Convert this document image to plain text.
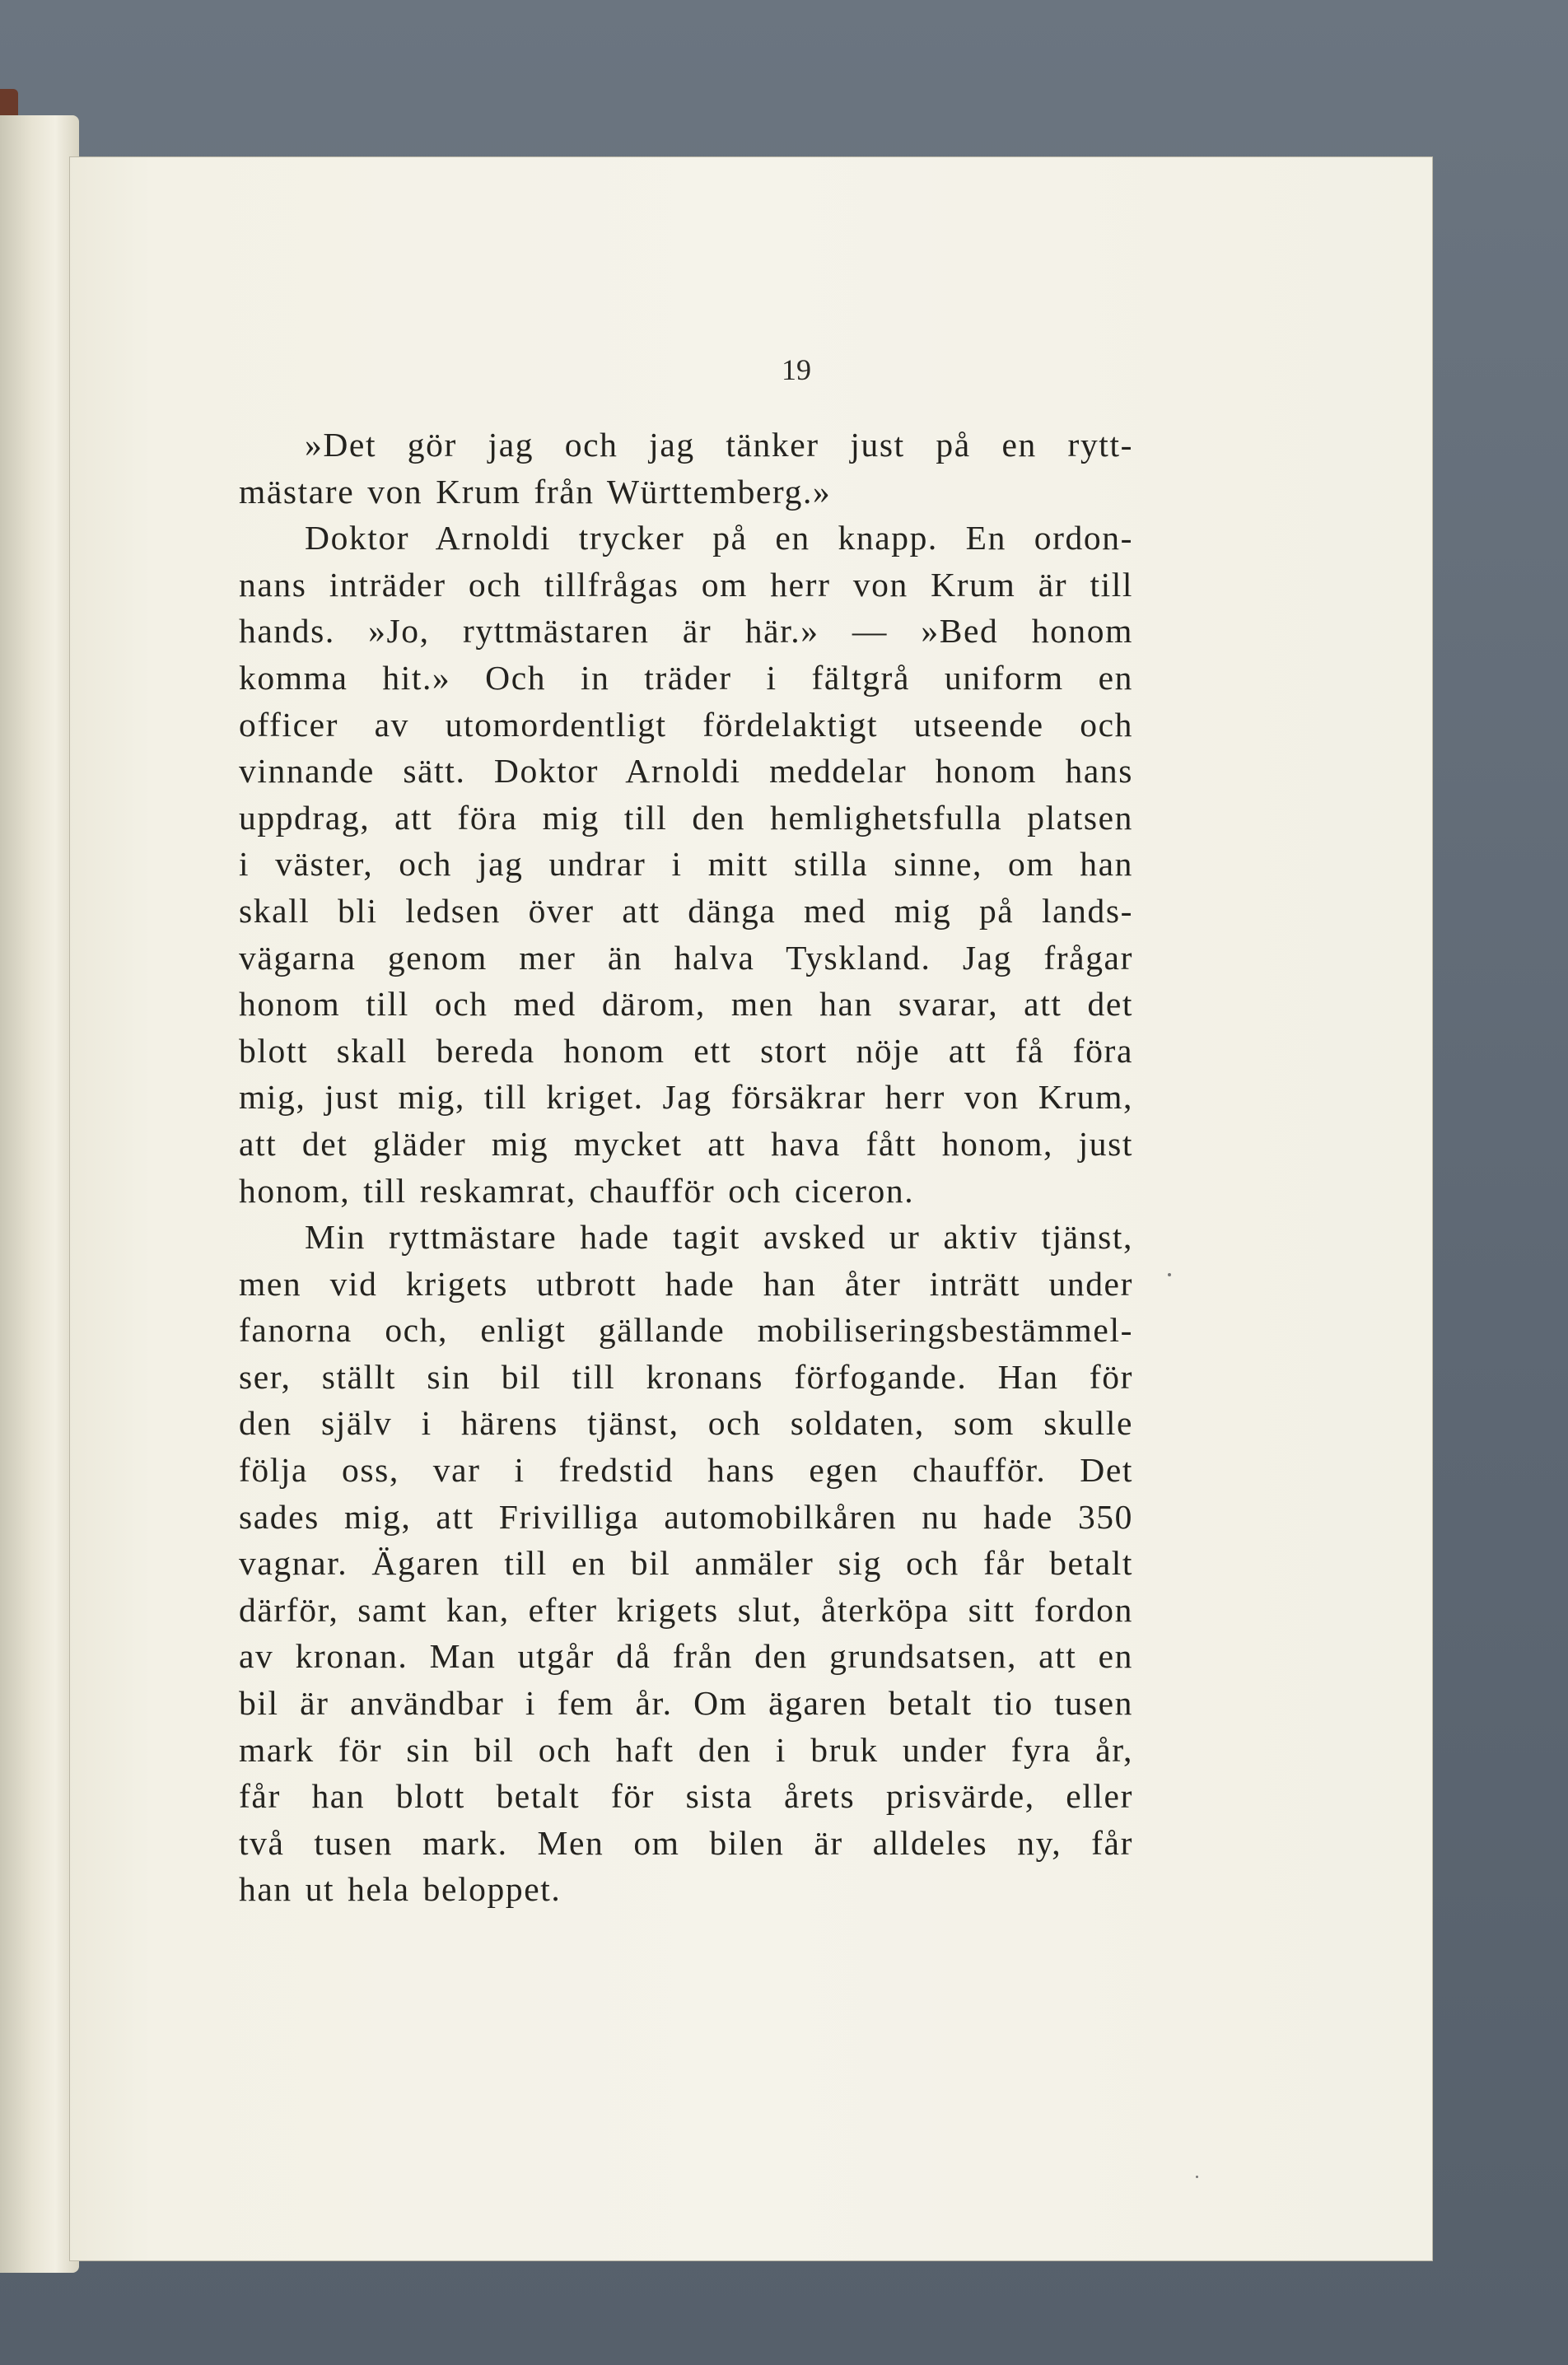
19
»Det gör jag och jag tänker just på en rytt-
mästare von Krum från Württemberg.»
Doktor Arnoldi trycker på en knapp. En ordon-
nans inträder och tillfrågas om herr von Krum är till
hands. »Jo, ryttmästaren är här.» — »Bed honom
komma hit.» Och in träder i fältgrå uniform en
officer av utomordentligt fördelaktigt utseende och
vinnande sätt. Doktor Arnoldi meddelar honom hans
uppdrag, att föra mig till den hemlighetsfulla platsen
i väster, och jag undrar i mitt stilla sinne, om han
skall bli ledsen över att dänga med mig på lands-
vägarna genom mer än halva Tyskland. Jag frågar
honom till och med därom, men han svarar, att det
blott skall bereda honom ett stort nöje att få föra
mig, just mig, till kriget. Jag försäkrar herr von Krum,
att det gläder mig mycket att hava fått honom, just
honom, till reskamrat, chaufför och ciceron.
Min ryttmästare hade tagit avsked ur aktiv tjänst,
men vid krigets utbrott hade han åter inträtt under
fanorna och, enligt gällande mobiliseringsbestämmel-
ser, ställt sin bil till kronans förfogande. Han för
den själv i härens tjänst, och soldaten, som skulle
följa oss, var i fredstid hans egen chaufför. Det
sades mig, att Frivilliga automobilkåren nu hade 350
vagnar. Ägaren till en bil anmäler sig och får betalt
därför, samt kan, efter krigets slut, återköpa sitt fordon
av kronan. Man utgår då från den grundsatsen, att en
bil är användbar i fem år. Om ägaren betalt tio tusen
mark för sin bil och haft den i bruk under fyra år,
får han blott betalt för sista årets prisvärde, eller
två tusen mark. Men om bilen är alldeles ny, får
han ut hela beloppet.
